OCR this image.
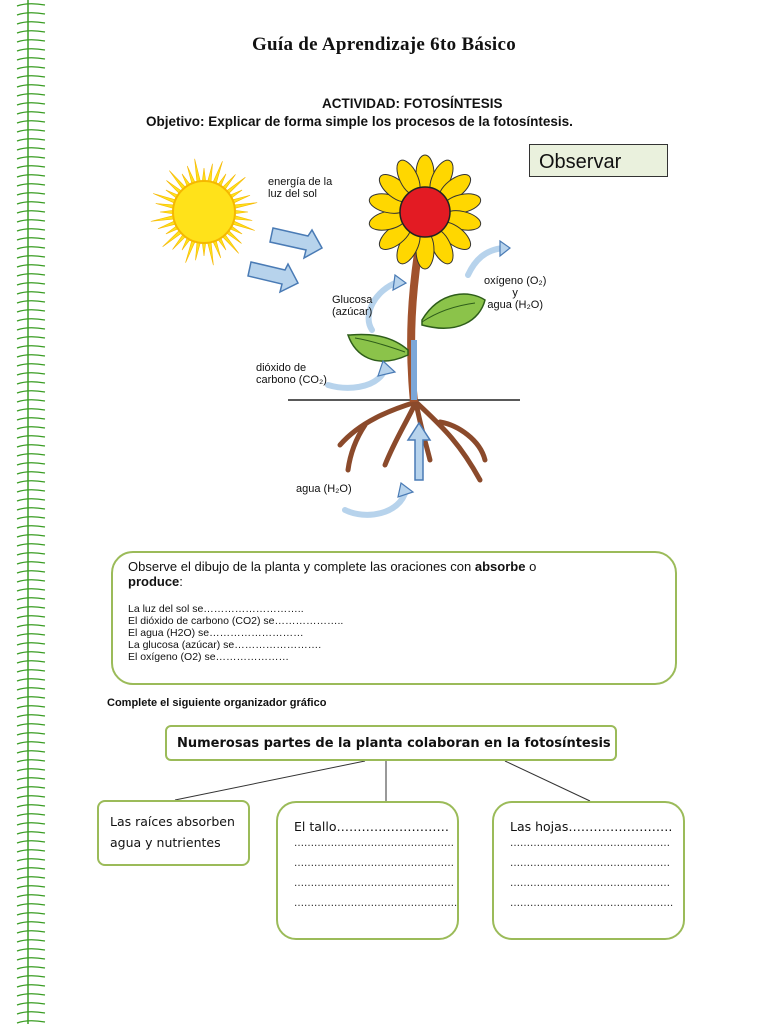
Guía de Aprendizaje 6to Básico
ACTIVIDAD: FOTOSÍNTESIS
Objetivo: Explicar de forma simple los procesos de la fotosíntesis.
Observar
energía de la
luz del sol
oxígeno (O₂)
y
agua (H₂O)
Glucosa
(azúcar)
dióxido de
carbono (CO₂)
agua (H₂O)
Observe el dibujo de la planta y complete las oraciones con absorbe o
produce:
La luz del sol se………………………..
El dióxido de carbono (CO2) se………………..
El agua (H2O) se………………………
La glucosa (azúcar) se…………………….
El oxígeno (O2) se…………………
Complete el siguiente organizador gráfico
Numerosas partes de la planta colaboran en la fotosíntesis
Las raíces absorben
agua y nutrientes
El tallo………………………
…………………………………………
…………………………………………
…………………………………………
………………………………………….
Las hojas…………………….
…………………………………………
…………………………………………
…………………………………………
………………………………………….
